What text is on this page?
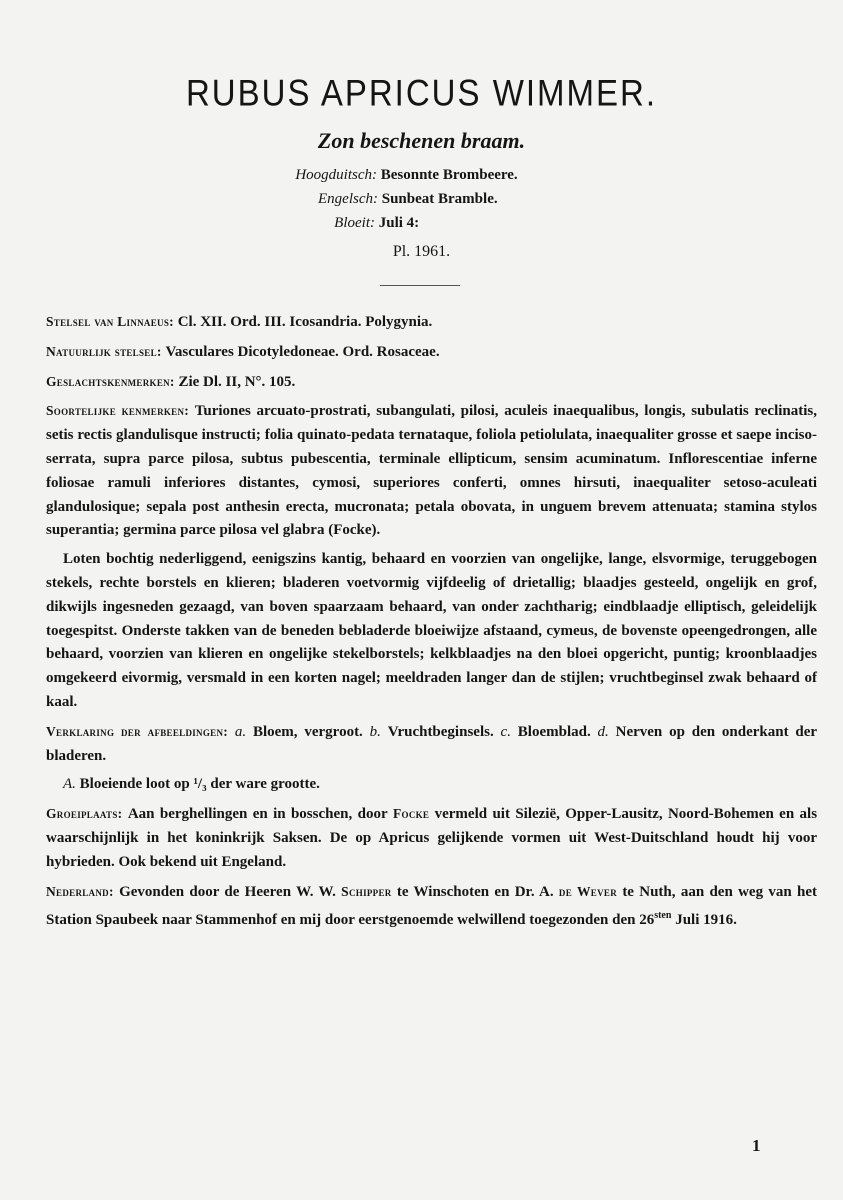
RUBUS APRICUS WIMMER.
Zon beschenen braam.
Hoogduitsch: Besonnte Brombeere.
Engelsch: Sunbeat Bramble.
Bloeit: Juli 4:
Pl. 1961.

Stelsel van Linnaeus: Cl. XII. Ord. III. Icosandria. Polygynia.

Natuurlijk stelsel: Vasculares Dicotyledoneae. Ord. Rosaceae.

Geslachtskenmerken: Zie Dl. II, N°. 105.

Soortelijke kenmerken: Turiones arcuato-prostrati, subangulati, pilosi, aculeis inaequalibus, longis, subulatis reclinatis, setis rectis glandulisque instructi; folia quinato-pedata ternataque, foliola petiolulata, inaequaliter grosse et saepe inciso-serrata, supra parce pilosa, subtus pubescentia, terminale ellipticum, sensim acuminatum. Inflorescentiae inferne foliosae ramuli inferiores distantes, cymosi, superiores conferti, omnes hirsuti, inaequaliter setoso-aculeati glandulosique; sepala post anthesin erecta, mucronata; petala obovata, in unguem brevem attenuata; stamina stylos superantia; germina parce pilosa vel glabra (Focke).

Loten bochtig nederliggend, eenigszins kantig, behaard en voorzien van ongelijke, lange, elsvormige, teruggebogen stekels, rechte borstels en klieren; bladeren voetvormig vijfdeelig of drietallig; blaadjes gesteeld, ongelijk en grof, dikwijls ingesneden gezaagd, van boven spaarzaam behaard, van onder zachtharig; eindblaadje elliptisch, geleidelijk toegespitst. Onderste takken van de beneden bebladerde bloeiwijze afstaand, cymeus, de bovenste opeengedrongen, alle behaard, voorzien van klieren en ongelijke stekelborstels; kelkblaadjes na den bloei opgericht, puntig; kroonblaadjes omgekeerd eivormig, versmald in een korten nagel; meeldraden langer dan de stijlen; vruchtbeginsel zwak behaard of kaal.

Verklaring der afbeeldingen: a. Bloem, vergroot. b. Vruchtbeginsels. c. Bloemblad. d. Nerven op den onderkant der bladeren.

A. Bloeiende loot op ¹/₃ der ware grootte.

Groeiplaats: Aan berghellingen en in bosschen, door Focke vermeld uit Silezië, Opper-Lausitz, Noord-Bohemen en als waarschijnlijk in het koninkrijk Saksen. De op Apricus gelijkende vormen uit West-Duitschland houdt hij voor hybrieden. Ook bekend uit Engeland.

Nederland: Gevonden door de Heeren W. W. Schipper te Winschoten en Dr. A. de Wever te Nuth, aan den weg van het Station Spaubeek naar Stammenhof en mij door eerstgenoemde welwillend toegezonden den $26^{sten}$ Juli 1916.

1
